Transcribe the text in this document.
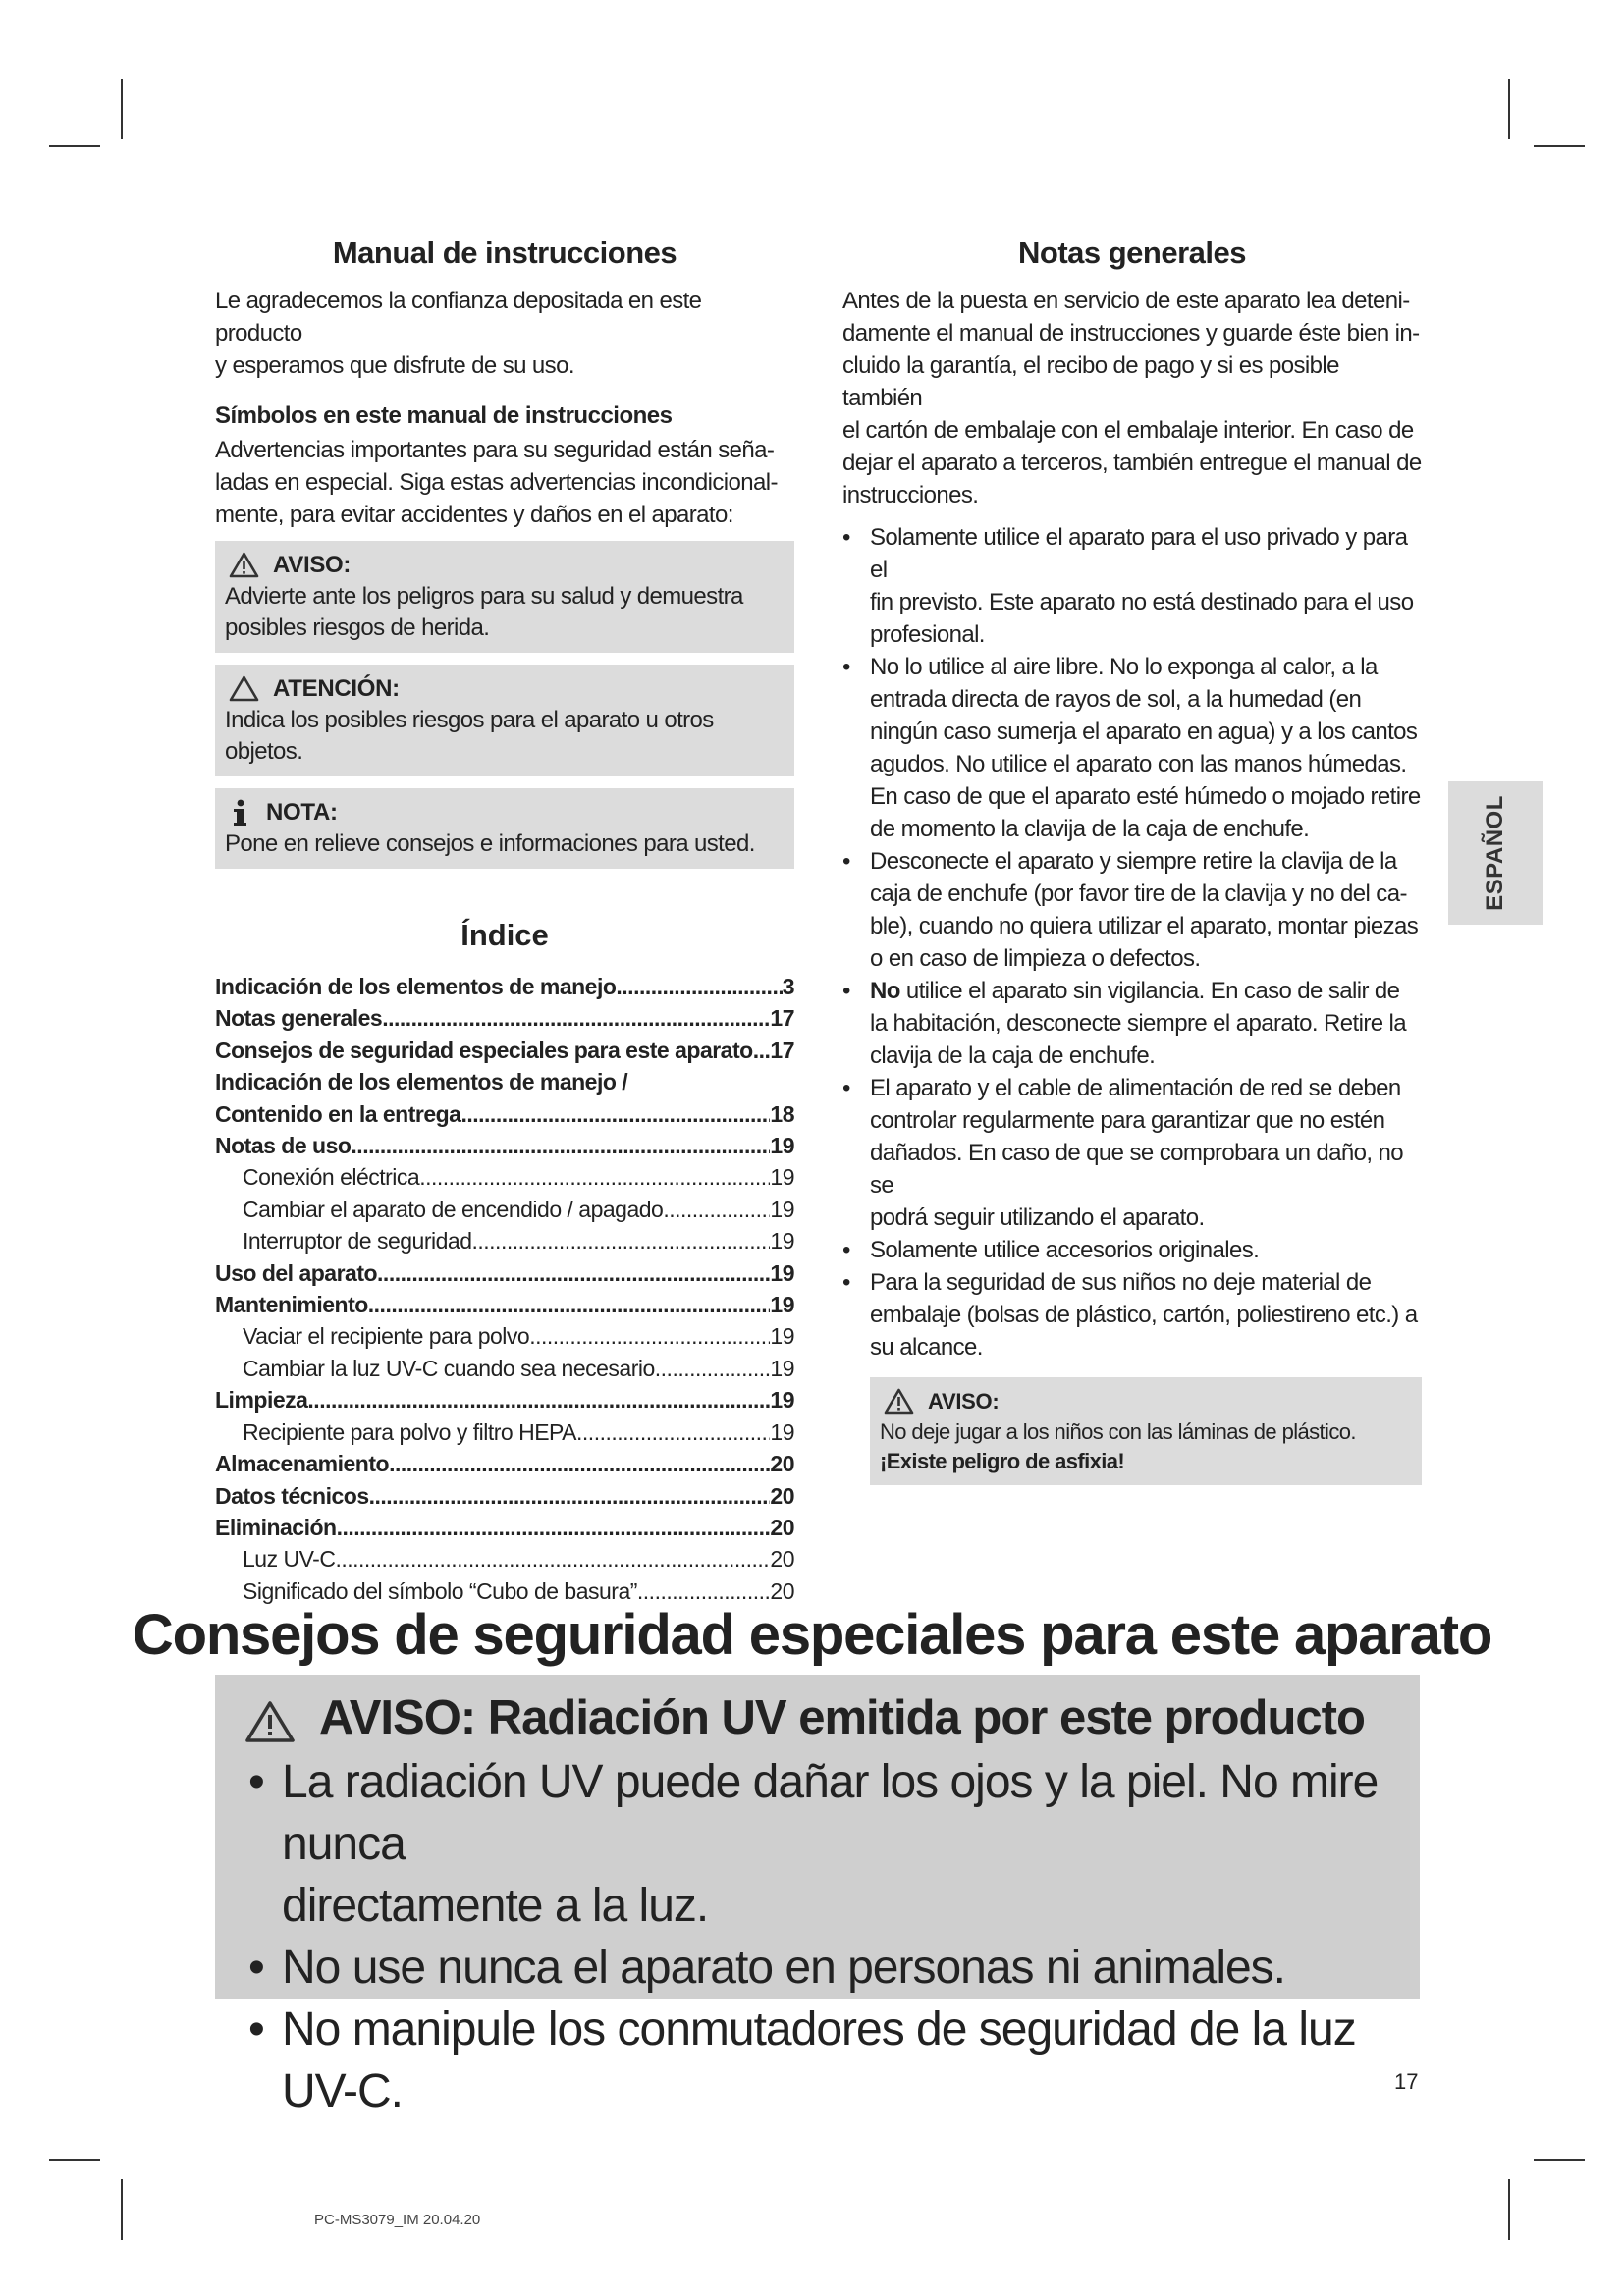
Manual de instrucciones
Le agradecemos la confianza depositada en este producto
y esperamos que disfrute de su uso.
Símbolos en este manual de instrucciones
Advertencias importantes para su seguridad están seña-
ladas en especial. Siga estas advertencias incondicional-
mente, para evitar accidentes y daños en el aparato:
AVISO:
Advierte ante los peligros para su salud y demuestra
posibles riesgos de herida.
ATENCIÓN:
Indica los posibles riesgos para el aparato u otros objetos.
NOTA:
Pone en relieve consejos e informaciones para usted.
Índice
Indicación de los elementos de manejo .....	3
Notas generales .....	17
Consejos de seguridad especiales para este aparato ..... 17
Indicación de los elementos de manejo /
Contenido en la entrega .....	18
Notas de uso .....	19
Conexión eléctrica .....	19
Cambiar el aparato de encendido / apagado .....	19
Interruptor de seguridad .....	19
Uso del aparato .....	19
Mantenimiento .....	19
Vaciar el recipiente para polvo .....	19
Cambiar la luz UV-C cuando sea necesario .....	19
Limpieza .....	19
Recipiente para polvo y filtro HEPA .....	19
Almacenamiento .....	20
Datos técnicos .....	20
Eliminación .....	20
Luz UV-C .....	20
Significado del símbolo “Cubo de basura” .....	20
Notas generales
Antes de la puesta en servicio de este aparato lea deteni-
damente el manual de instrucciones y guarde éste bien in-
cluido la garantía, el recibo de pago y si es posible también
el cartón de embalaje con el embalaje interior. En caso de
dejar el aparato a terceros, también entregue el manual de
instrucciones.
• Solamente utilice el aparato para el uso privado y para el
fin previsto. Este aparato no está destinado para el uso
profesional.
• No lo utilice al aire libre. No lo exponga al calor, a la
entrada directa de rayos de sol, a la humedad (en
ningún caso sumerja el aparato en agua) y a los cantos
agudos. No utilice el aparato con las manos húmedas.
En caso de que el aparato esté húmedo o mojado retire
de momento la clavija de la caja de enchufe.
• Desconecte el aparato y siempre retire la clavija de la
caja de enchufe (por favor tire de la clavija y no del ca-
ble), cuando no quiera utilizar el aparato, montar piezas
o en caso de limpieza o defectos.
• No utilice el aparato sin vigilancia. En caso de salir de
la habitación, desconecte siempre el aparato. Retire la
clavija de la caja de enchufe.
• El aparato y el cable de alimentación de red se deben
controlar regularmente para garantizar que no estén
dañados. En caso de que se comprobara un daño, no se
podrá seguir utilizando el aparato.
• Solamente utilice accesorios originales.
• Para la seguridad de sus niños no deje material de
embalaje (bolsas de plástico, cartón, poliestireno etc.) a
su alcance.
AVISO:
No deje jugar a los niños con las láminas de plástico.
¡Existe peligro de asfixia!
ESPAÑOL
Consejos de seguridad especiales para este aparato
AVISO: Radiación UV emitida por este producto
• La radiación UV puede dañar los ojos y la piel. No mire nunca
directamente a la luz.
• No use nunca el aparato en personas ni animales.
• No manipule los conmutadores de seguridad de la luz UV-C.	17
PC-MS3079_IM 20.04.20
